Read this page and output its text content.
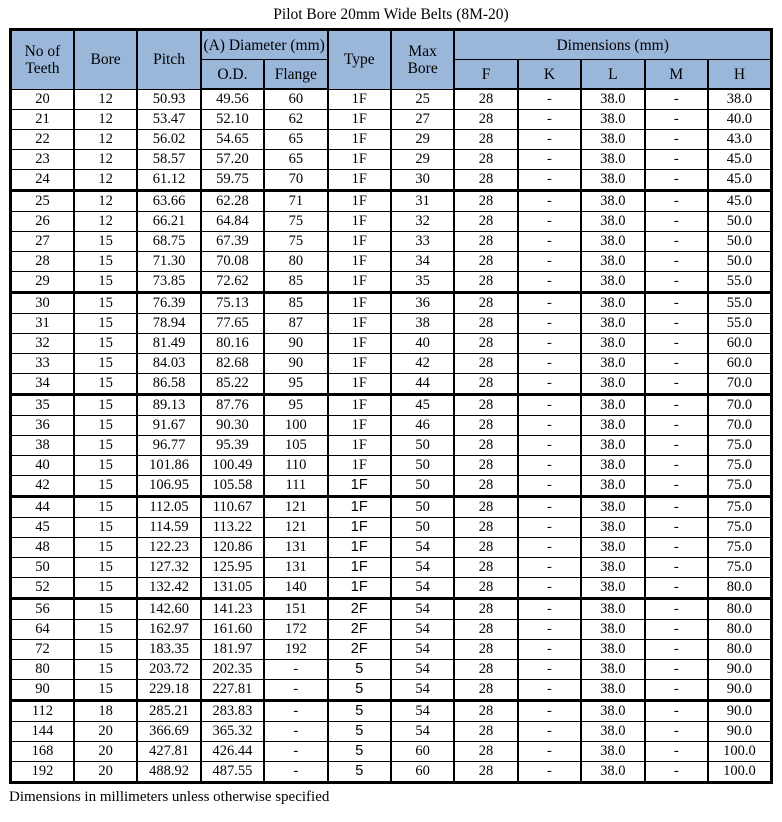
Pilot Bore 20mm Wide Belts (8M-20)
No of Teeth	Bore	Pitch	(A) Diameter (mm)		Type	Max Bore	Dimensions (mm)				
			O.D.	Flange			F	K	L	M	H
20	12	50.93	49.56	60	1F	25	28	-	38.0	-	38.0
21	12	53.47	52.10	62	1F	27	28	-	38.0	-	40.0
22	12	56.02	54.65	65	1F	29	28	-	38.0	-	43.0
23	12	58.57	57.20	65	1F	29	28	-	38.0	-	45.0
24	12	61.12	59.75	70	1F	30	28	-	38.0	-	45.0
25	12	63.66	62.28	71	1F	31	28	-	38.0	-	45.0
26	12	66.21	64.84	75	1F	32	28	-	38.0	-	50.0
27	15	68.75	67.39	75	1F	33	28	-	38.0	-	50.0
28	15	71.30	70.08	80	1F	34	28	-	38.0	-	50.0
29	15	73.85	72.62	85	1F	35	28	-	38.0	-	55.0
30	15	76.39	75.13	85	1F	36	28	-	38.0	-	55.0
31	15	78.94	77.65	87	1F	38	28	-	38.0	-	55.0
32	15	81.49	80.16	90	1F	40	28	-	38.0	-	60.0
33	15	84.03	82.68	90	1F	42	28	-	38.0	-	60.0
34	15	86.58	85.22	95	1F	44	28	-	38.0	-	70.0
35	15	89.13	87.76	95	1F	45	28	-	38.0	-	70.0
36	15	91.67	90.30	100	1F	46	28	-	38.0	-	70.0
38	15	96.77	95.39	105	1F	50	28	-	38.0	-	75.0
40	15	101.86	100.49	110	1F	50	28	-	38.0	-	75.0
42	15	106.95	105.58	111	1F	50	28	-	38.0	-	75.0
44	15	112.05	110.67	121	1F	50	28	-	38.0	-	75.0
45	15	114.59	113.22	121	1F	50	28	-	38.0	-	75.0
48	15	122.23	120.86	131	1F	54	28	-	38.0	-	75.0
50	15	127.32	125.95	131	1F	54	28	-	38.0	-	75.0
52	15	132.42	131.05	140	1F	54	28	-	38.0	-	80.0
56	15	142.60	141.23	151	2F	54	28	-	38.0	-	80.0
64	15	162.97	161.60	172	2F	54	28	-	38.0	-	80.0
72	15	183.35	181.97	192	2F	54	28	-	38.0	-	80.0
80	15	203.72	202.35	-	5	54	28	-	38.0	-	90.0
90	15	229.18	227.81	-	5	54	28	-	38.0	-	90.0
112	18	285.21	283.83	-	5	54	28	-	38.0	-	90.0
144	20	366.69	365.32	-	5	54	28	-	38.0	-	90.0
168	20	427.81	426.44	-	5	60	28	-	38.0	-	100.0
192	20	488.92	487.55	-	5	60	28	-	38.0	-	100.0
Dimensions in millimeters unless otherwise specified
